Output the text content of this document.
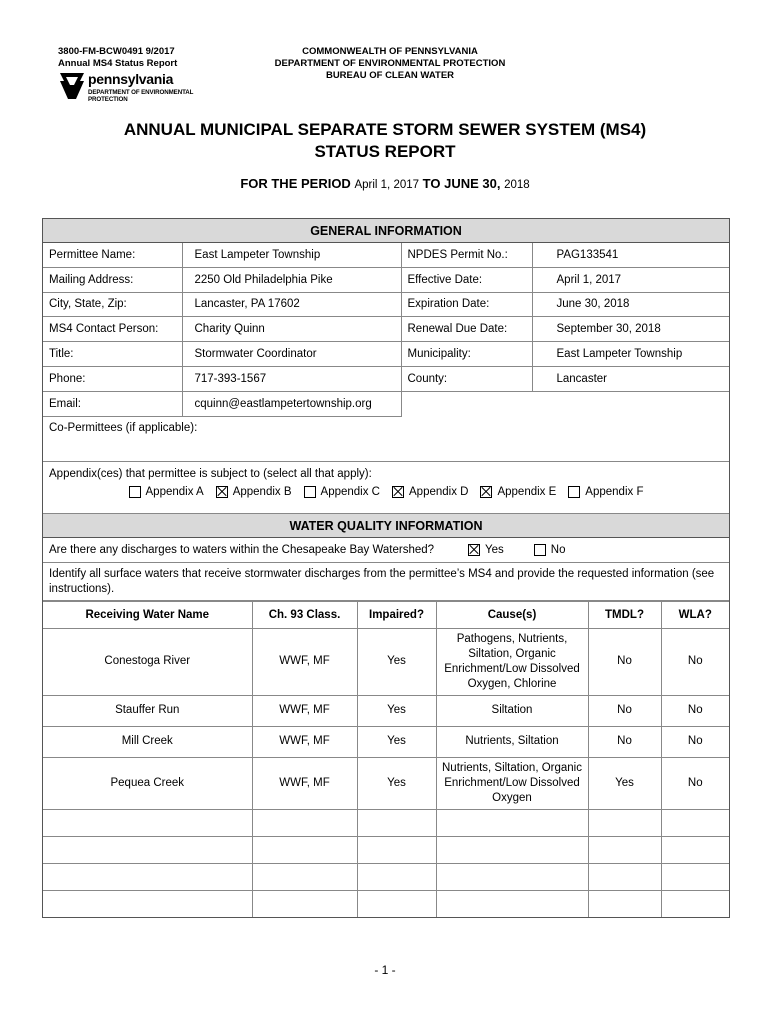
3800-FM-BCW0491 9/2017
Annual MS4 Status Report
pennsylvania
DEPARTMENT OF ENVIRONMENTAL
PROTECTION
COMMONWEALTH OF PENNSYLVANIA
DEPARTMENT OF ENVIRONMENTAL PROTECTION
BUREAU OF CLEAN WATER
ANNUAL MUNICIPAL SEPARATE STORM SEWER SYSTEM (MS4)
STATUS REPORT
FOR THE PERIOD April 1, 2017 TO JUNE 30, 2018
GENERAL INFORMATION
Permittee Name:	East Lampeter Township	NPDES Permit No.:	PAG133541
Mailing Address:	2250 Old Philadelphia Pike	Effective Date:	April 1, 2017
City, State, Zip:	Lancaster, PA 17602	Expiration Date:	June 30, 2018
MS4 Contact Person:	Charity Quinn	Renewal Due Date:	September 30, 2018
Title:	Stormwater Coordinator	Municipality:	East Lampeter Township
Phone:	717-393-1567	County:	Lancaster
Email:	cquinn@eastlampetertownship.org		
Co-Permittees (if applicable):
Appendix(ces) that permittee is subject to (select all that apply):
Appendix A	Appendix B	Appendix C	Appendix D	Appendix E	Appendix F
WATER QUALITY INFORMATION
Are there any discharges to waters within the Chesapeake Bay Watershed?	Yes	No
Identify all surface waters that receive stormwater discharges from the permittee’s MS4 and provide the requested information (see instructions).
Receiving Water Name	Ch. 93 Class.	Impaired?	Cause(s)	TMDL?	WLA?
Conestoga River	WWF, MF	Yes	Pathogens, Nutrients, Siltation, Organic Enrichment/Low Dissolved Oxygen, Chlorine	No	No
Stauffer Run	WWF, MF	Yes	Siltation	No	No
Mill Creek	WWF, MF	Yes	Nutrients, Siltation	No	No
Pequea Creek	WWF, MF	Yes	Nutrients, Siltation, Organic Enrichment/Low Dissolved Oxygen	Yes	No

- 1 -
